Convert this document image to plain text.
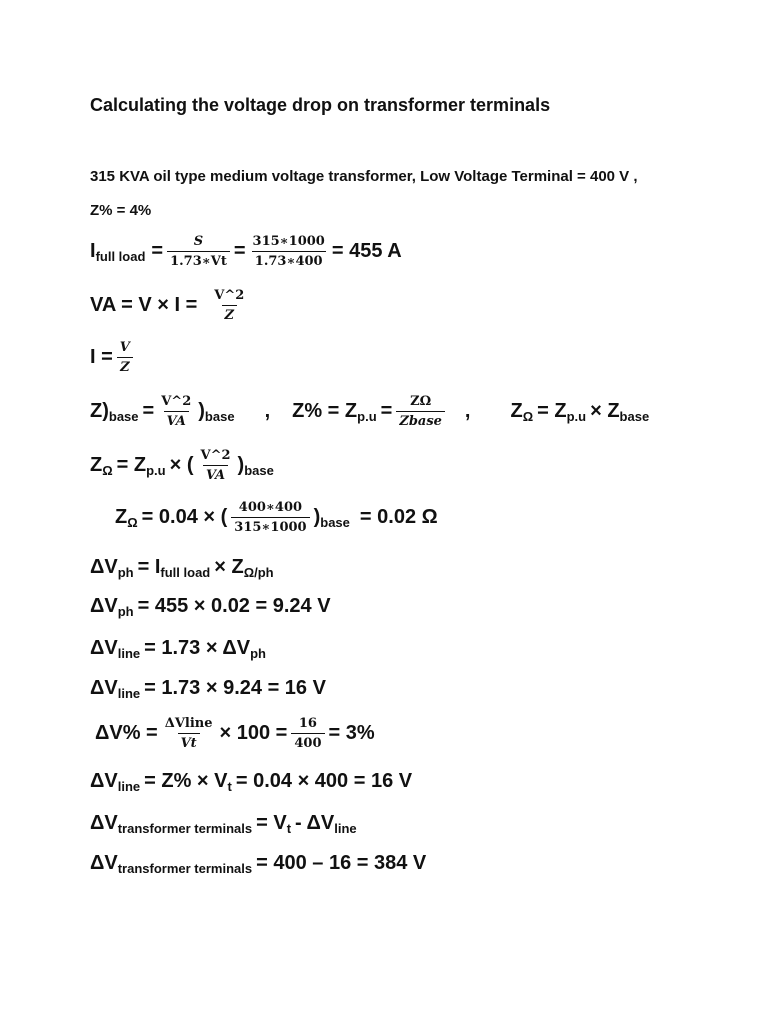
Calculating the voltage drop on transformer terminals
315 KVA oil type medium voltage transformer, Low Voltage Terminal = 400 V ,
Z% = 4%
I full load = $\frac{S}{1.73∗Vt} = \frac{315∗1000}{1.73∗400} = 455$ A
VA = $V \times I = \frac{V\^{}2}{Z}$
$I = \frac{V}{Z}$
Z) base = $\frac{V\^{}2}{VA}$ ) base , Z% = Z $p.u = \frac{Z\Omega}{\text{Zbase}}$ , Z Ω = Z p.u × Z base
Z Ω = Z p.u × ( $\frac{V\^{}2}{VA}$ ) base
Z Ω = 0.04 × ( $\frac{400∗400}{315∗1000}$ ) base = 0.02 Ω
ΔV ph = I full load × Z Ω/ph
ΔV ph = 455 × 0.02 = 9.24 V
ΔV line = 1.73 × ΔV ph
ΔV line = 1.73 × 9.24 = 16 V
$\Delta V\% = \frac{\text{ΔVline}}{Vt} \times 100 = \frac{16}{400} = 3\%$
ΔV line = Z% × V t = 0.04 × 400 = 16 V
ΔV transformer terminals = V t - ΔV line
ΔV transformer terminals = 400 – 16 = 384 V
